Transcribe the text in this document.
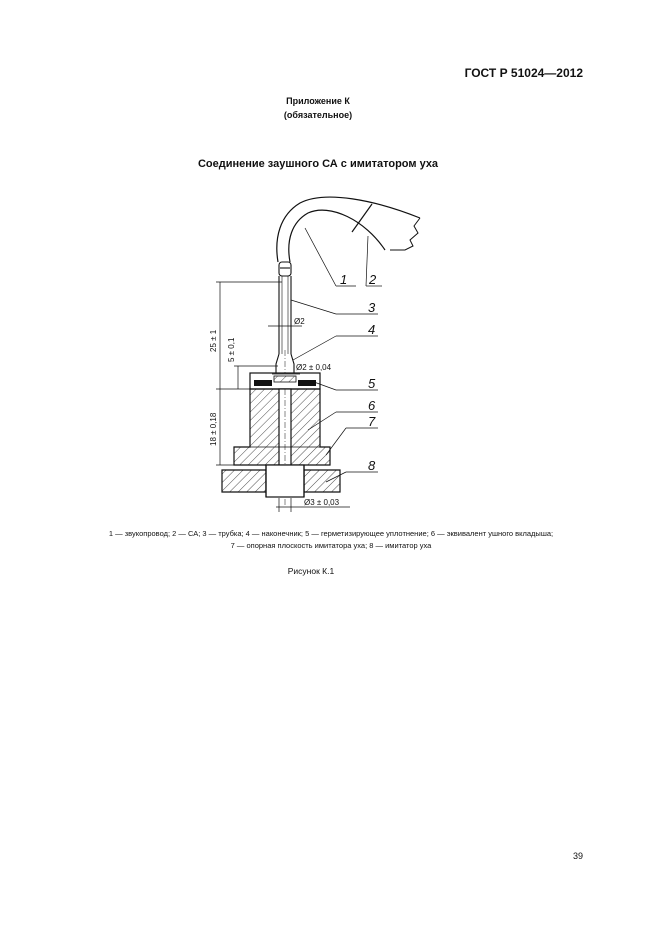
ГОСТ Р 51024—2012
Приложение К
(обязательное)
Соединение заушного СА с имитатором уха
1 2
3
4
5
6
7
8
Ø2
Ø2 ± 0,04
Ø3 ± 0,03
25 ± 1 5 ± 0,1
18 ± 0,18
1 — звукопровод; 2 — СА; 3 — трубка; 4 — наконечник; 5 — герметизирующее уплотнение; 6 — эквивалент ушного вкладыша;
7 — опорная плоскость имитатора уха; 8 — имитатор уха
Рисунок К.1
39
